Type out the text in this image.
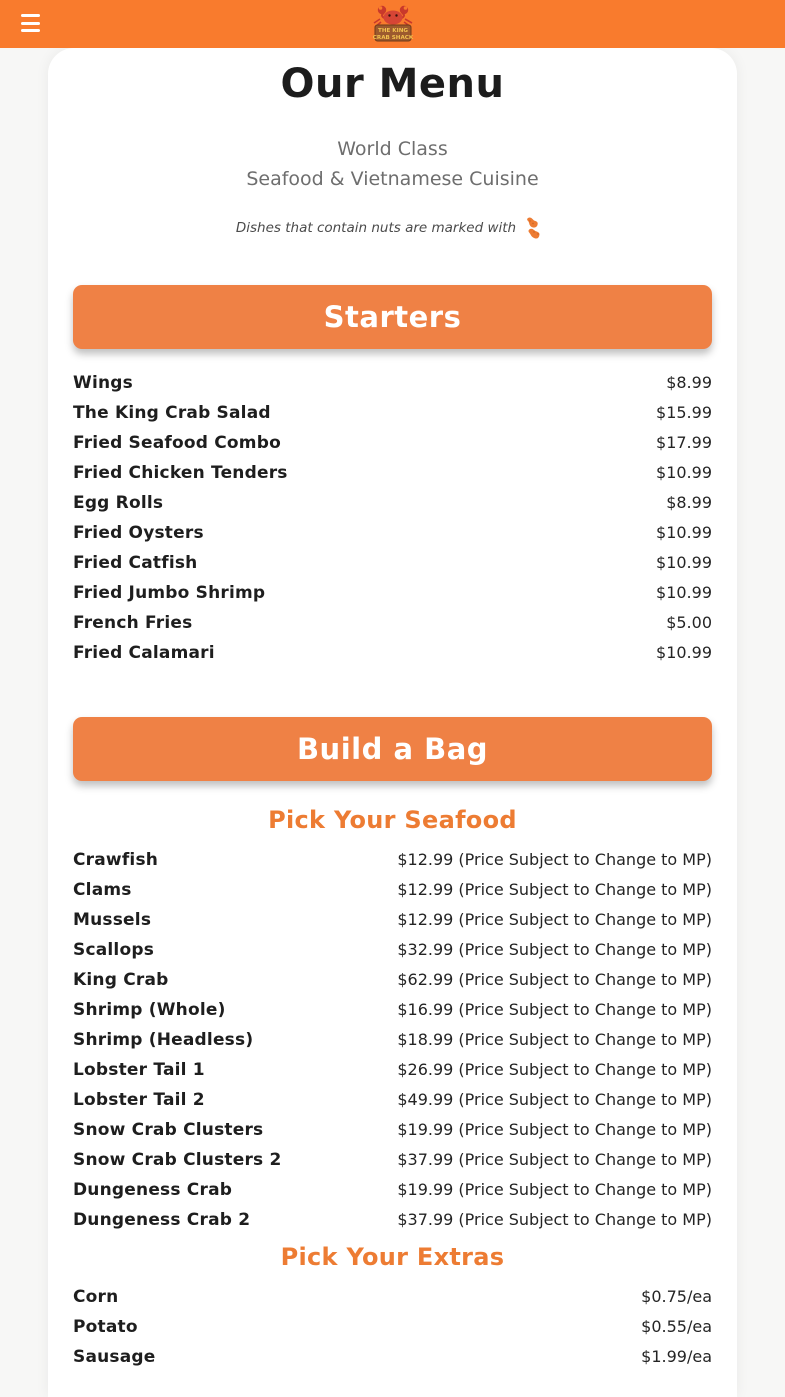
THE KING
CRAB SHACK
Our Menu
World Class
Seafood & Vietnamese Cuisine
Dishes that contain nuts are marked with
Starters
Wings	$8.99
The King Crab Salad	$15.99
Fried Seafood Combo	$17.99
Fried Chicken Tenders	$10.99
Egg Rolls	$8.99
Fried Oysters	$10.99
Fried Catfish	$10.99
Fried Jumbo Shrimp	$10.99
French Fries	$5.00
Fried Calamari	$10.99
Build a Bag
Pick Your Seafood
Crawfish	$12.99 (Price Subject to Change to MP)
Clams	$12.99 (Price Subject to Change to MP)
Mussels	$12.99 (Price Subject to Change to MP)
Scallops	$32.99 (Price Subject to Change to MP)
King Crab	$62.99 (Price Subject to Change to MP)
Shrimp (Whole)	$16.99 (Price Subject to Change to MP)
Shrimp (Headless)	$18.99 (Price Subject to Change to MP)
Lobster Tail 1	$26.99 (Price Subject to Change to MP)
Lobster Tail 2	$49.99 (Price Subject to Change to MP)
Snow Crab Clusters	$19.99 (Price Subject to Change to MP)
Snow Crab Clusters 2	$37.99 (Price Subject to Change to MP)
Dungeness Crab	$19.99 (Price Subject to Change to MP)
Dungeness Crab 2	$37.99 (Price Subject to Change to MP)
Pick Your Extras
Corn	$0.75/ea
Potato	$0.55/ea
Sausage	$1.99/ea
